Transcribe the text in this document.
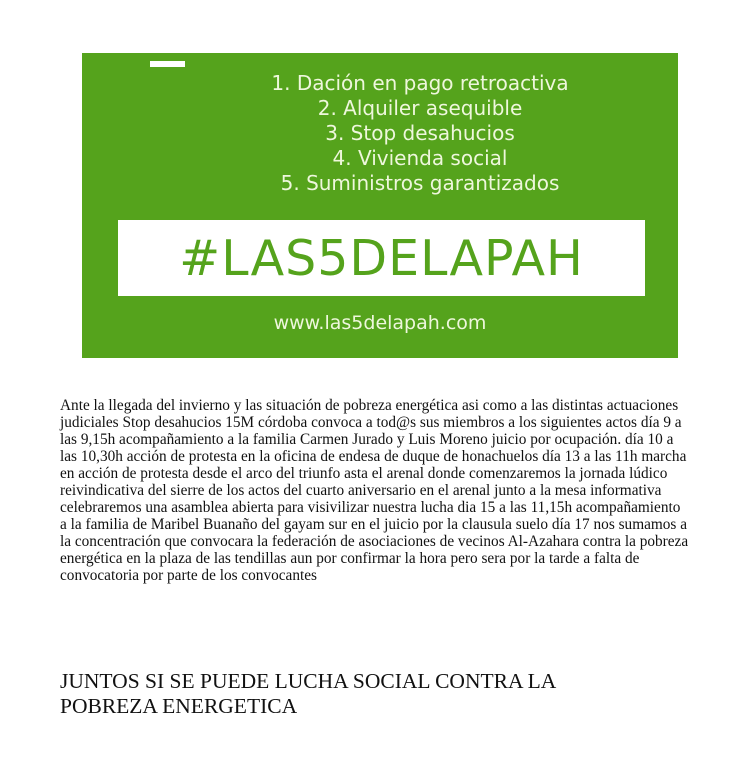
1. Dación en pago retroactiva
2. Alquiler asequible
3. Stop desahucios
4. Vivienda social
5. Suministros garantizados
#LAS5DELAPAH
www.las5delapah.com

Ante la llegada del invierno y las situación de pobreza energética asi como a las distintas actuaciones judiciales Stop desahucios 15M córdoba convoca a tod@s sus miembros a los siguientes actos día 9 a las 9,15h acompañamiento a la familia Carmen Jurado y Luis Moreno juicio por ocupación. día 10 a las 10,30h acción de protesta en la oficina de endesa de duque de honachuelos día 13 a las 11h marcha en acción de protesta desde el arco del triunfo asta el arenal donde comenzaremos la jornada lúdico reivindicativa del sierre de los actos del cuarto aniversario en el arenal junto a la mesa informativa celebraremos una asamblea abierta para visivilizar nuestra lucha dia 15 a las 11,15h acompañamiento a la familia de Maribel Buanaño del gayam sur en el juicio por la clausula suelo día 17 nos sumamos a la concentración que convocara la federación de asociaciones de vecinos Al-Azahara contra la pobreza energética en la plaza de las tendillas aun por confirmar la hora pero sera por la tarde a falta de convocatoria por parte de los convocantes

JUNTOS SI SE PUEDE LUCHA SOCIAL CONTRA LA POBREZA ENERGETICA
